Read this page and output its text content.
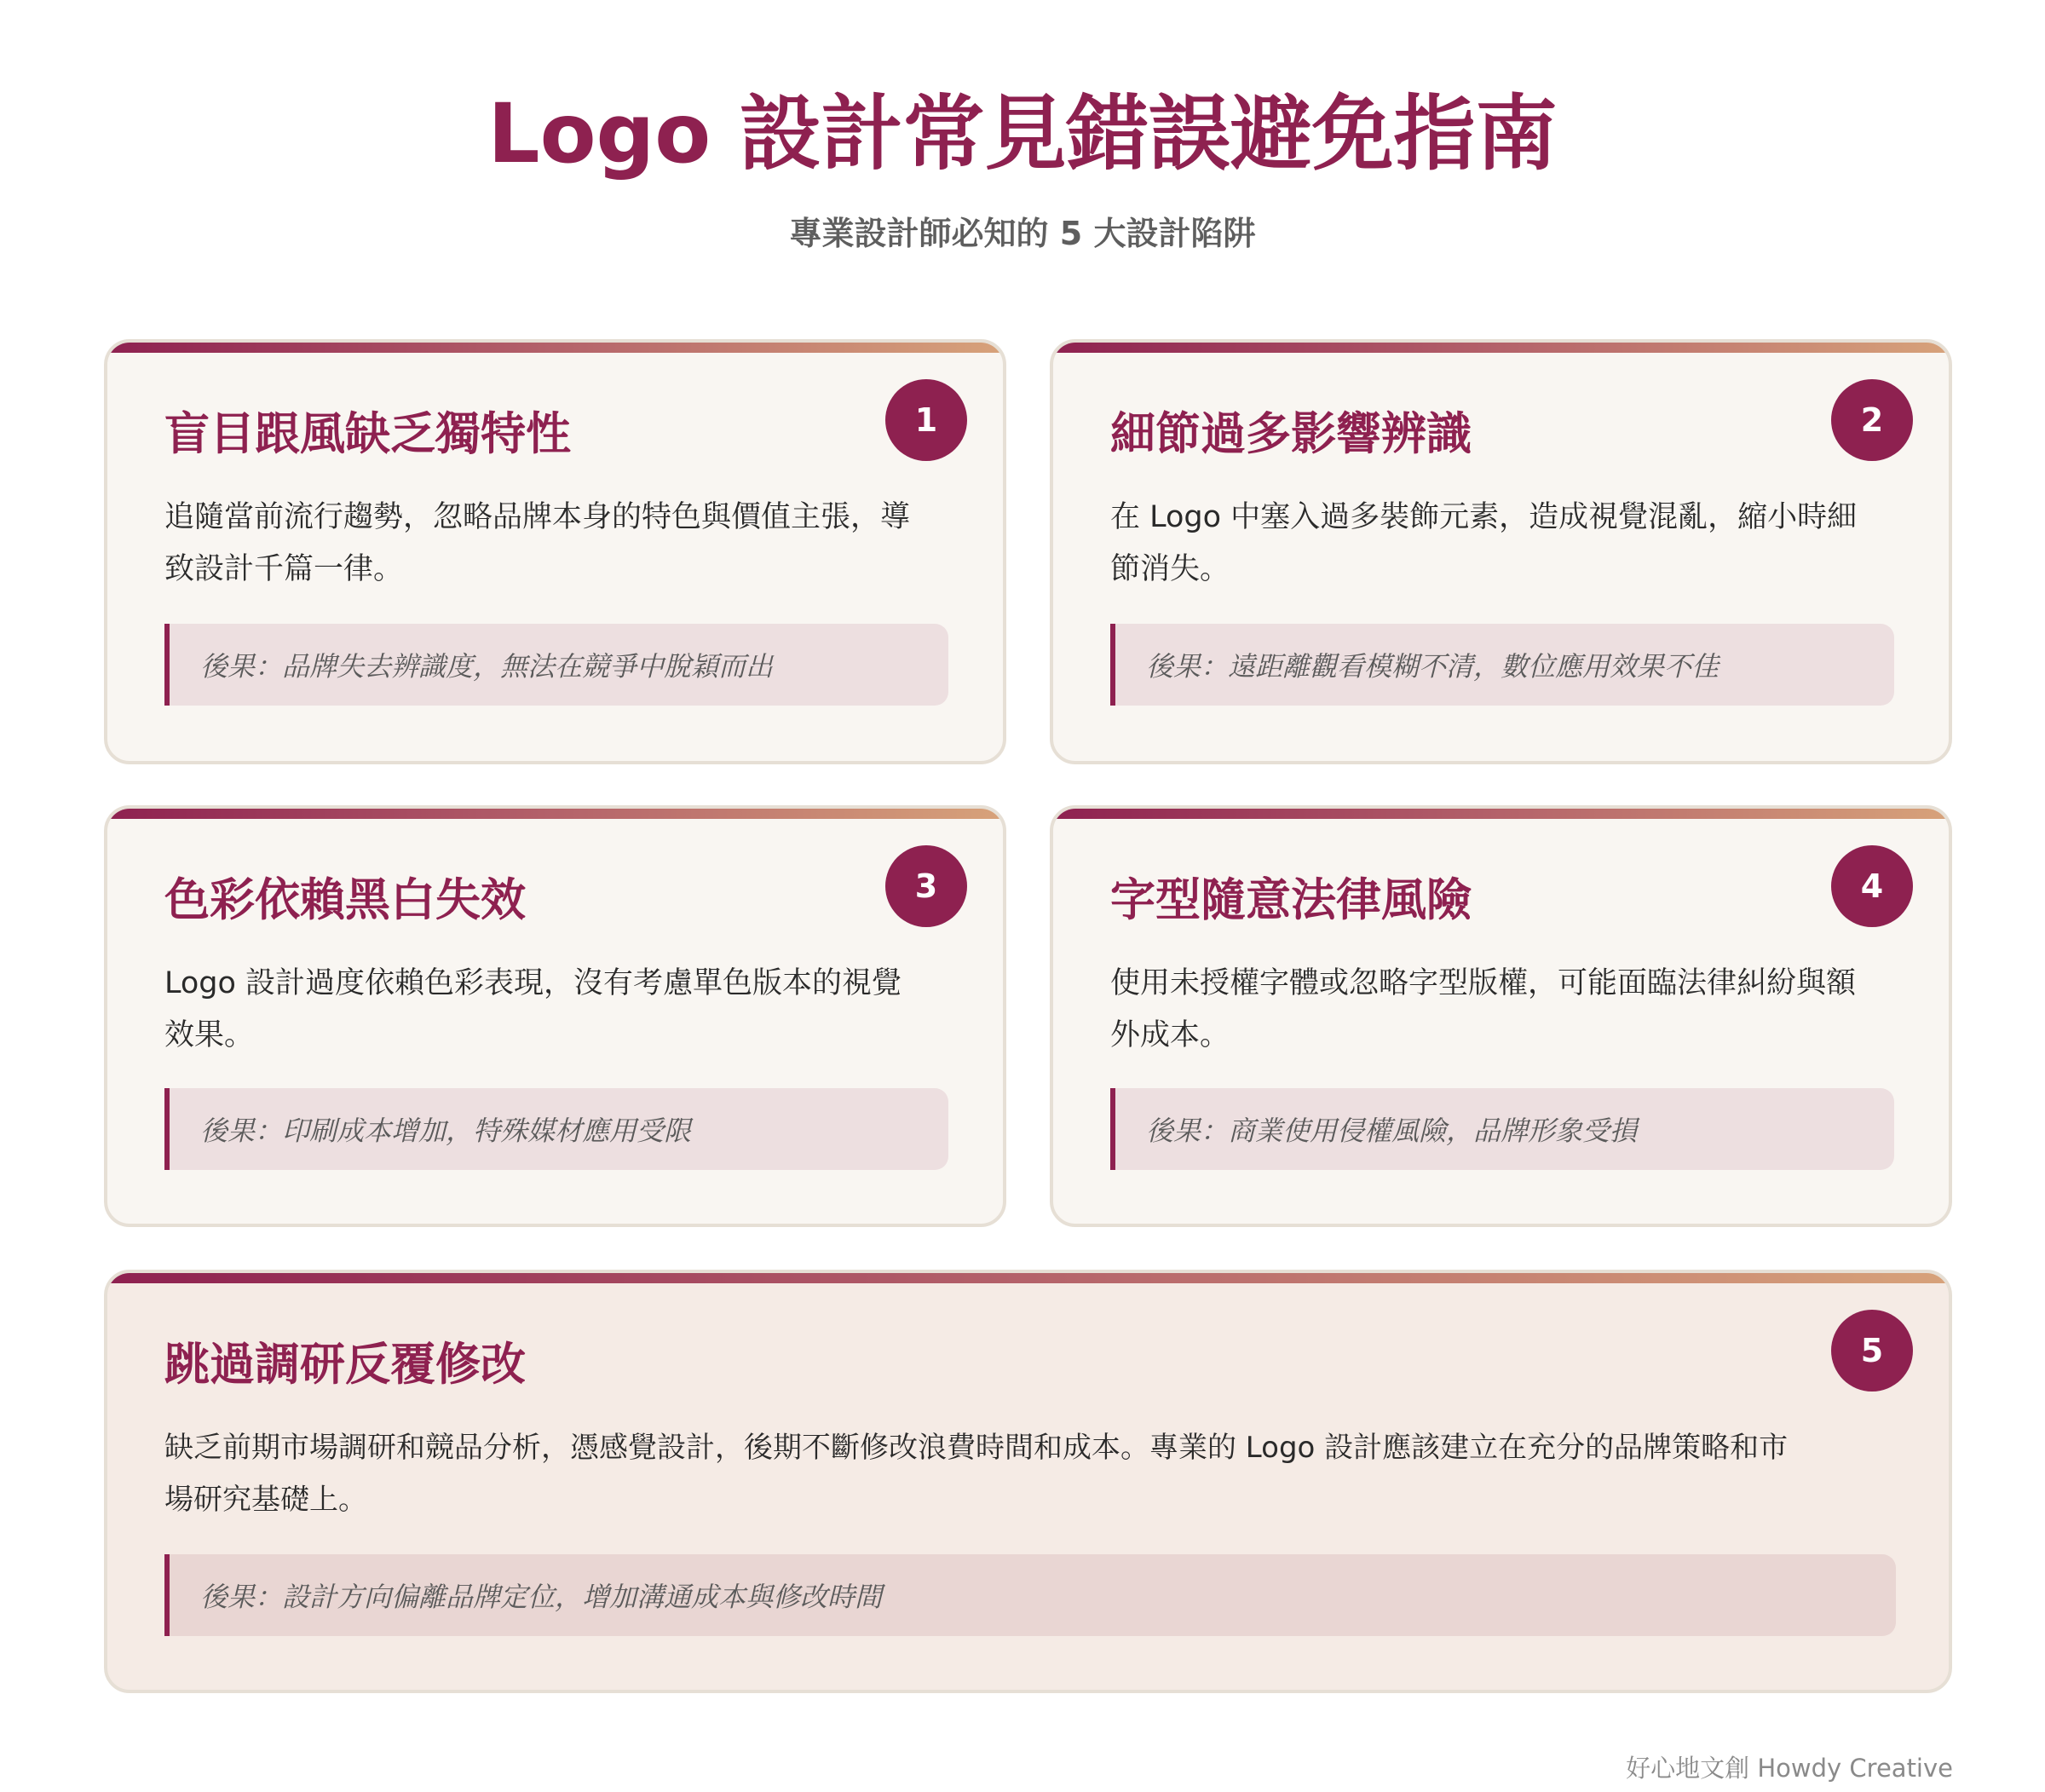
Logo 設計常見錯誤避免指南
專業設計師必知的 5 大設計陷阱
盲目跟風缺乏獨特性	1
追隨當前流行趨勢，忽略品牌本身的特色與價值主張，導
致設計千篇一律。
後果：品牌失去辨識度，無法在競爭中脫穎而出
細節過多影響辨識	2
在 Logo 中塞入過多裝飾元素，造成視覺混亂，縮小時細
節消失。
後果：遠距離觀看模糊不清，數位應用效果不佳
色彩依賴黑白失效	3
Logo 設計過度依賴色彩表現，沒有考慮單色版本的視覺
效果。
後果：印刷成本增加，特殊媒材應用受限
字型隨意法律風險	4
使用未授權字體或忽略字型版權，可能面臨法律糾紛與額
外成本。
後果：商業使用侵權風險，品牌形象受損
跳過調研反覆修改	5
缺乏前期市場調研和競品分析，憑感覺設計，後期不斷修改浪費時間和成本。專業的 Logo 設計應該建立在充分的品牌策略和市
場研究基礎上。
後果：設計方向偏離品牌定位，增加溝通成本與修改時間
好心地文創 Howdy Creative
